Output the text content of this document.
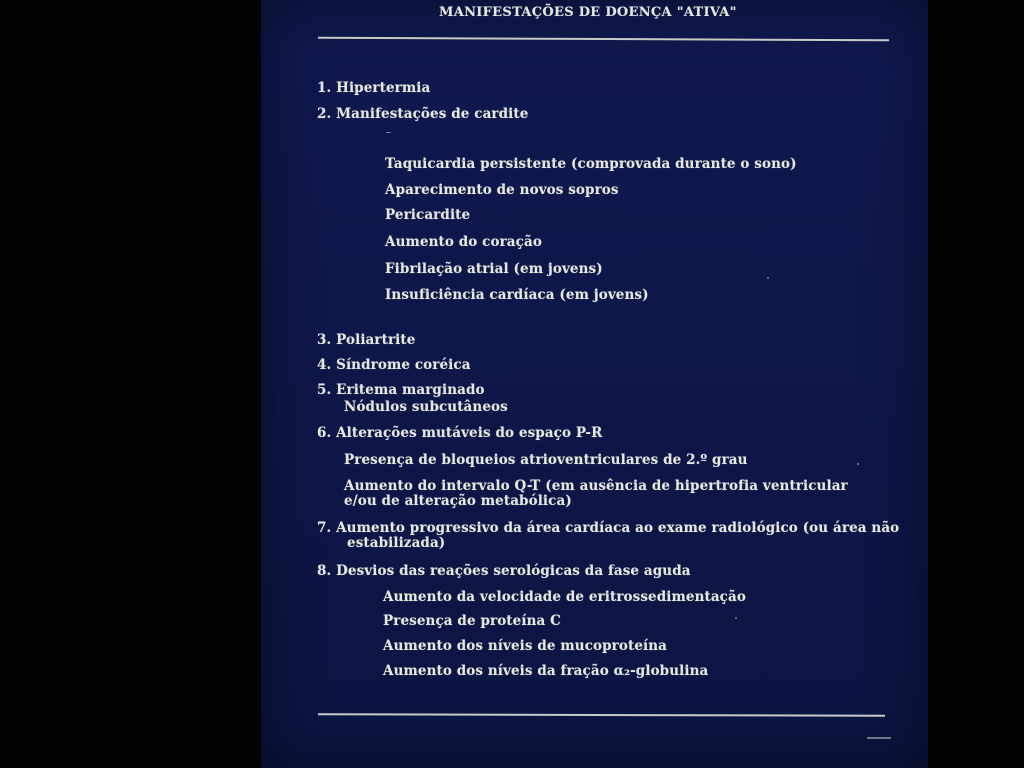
MANIFESTAÇÕES DE DOENÇA "ATIVA"
1. Hipertermia
2. Manifestações de cardite
Taquicardia persistente (comprovada durante o sono)
Aparecimento de novos sopros
Pericardite
Aumento do coração
Fibrilação atrial (em jovens)
Insuficiência cardíaca (em jovens)
3. Poliartrite
4. Síndrome coréica
5. Eritema marginado
Nódulos subcutâneos
6. Alterações mutáveis do espaço P-R
Presença de bloqueios atrioventriculares de 2.º grau
Aumento do intervalo Q-T (em ausência de hipertrofia ventricular
e/ou de alteração metabólica)
7. Aumento progressivo da área cardíaca ao exame radiológico (ou área não
estabilizada)
8. Desvios das reações serológicas da fase aguda
Aumento da velocidade de eritrossedimentação
Presença de proteína C
Aumento dos níveis de mucoproteína
Aumento dos níveis da fração α₂-globulina
